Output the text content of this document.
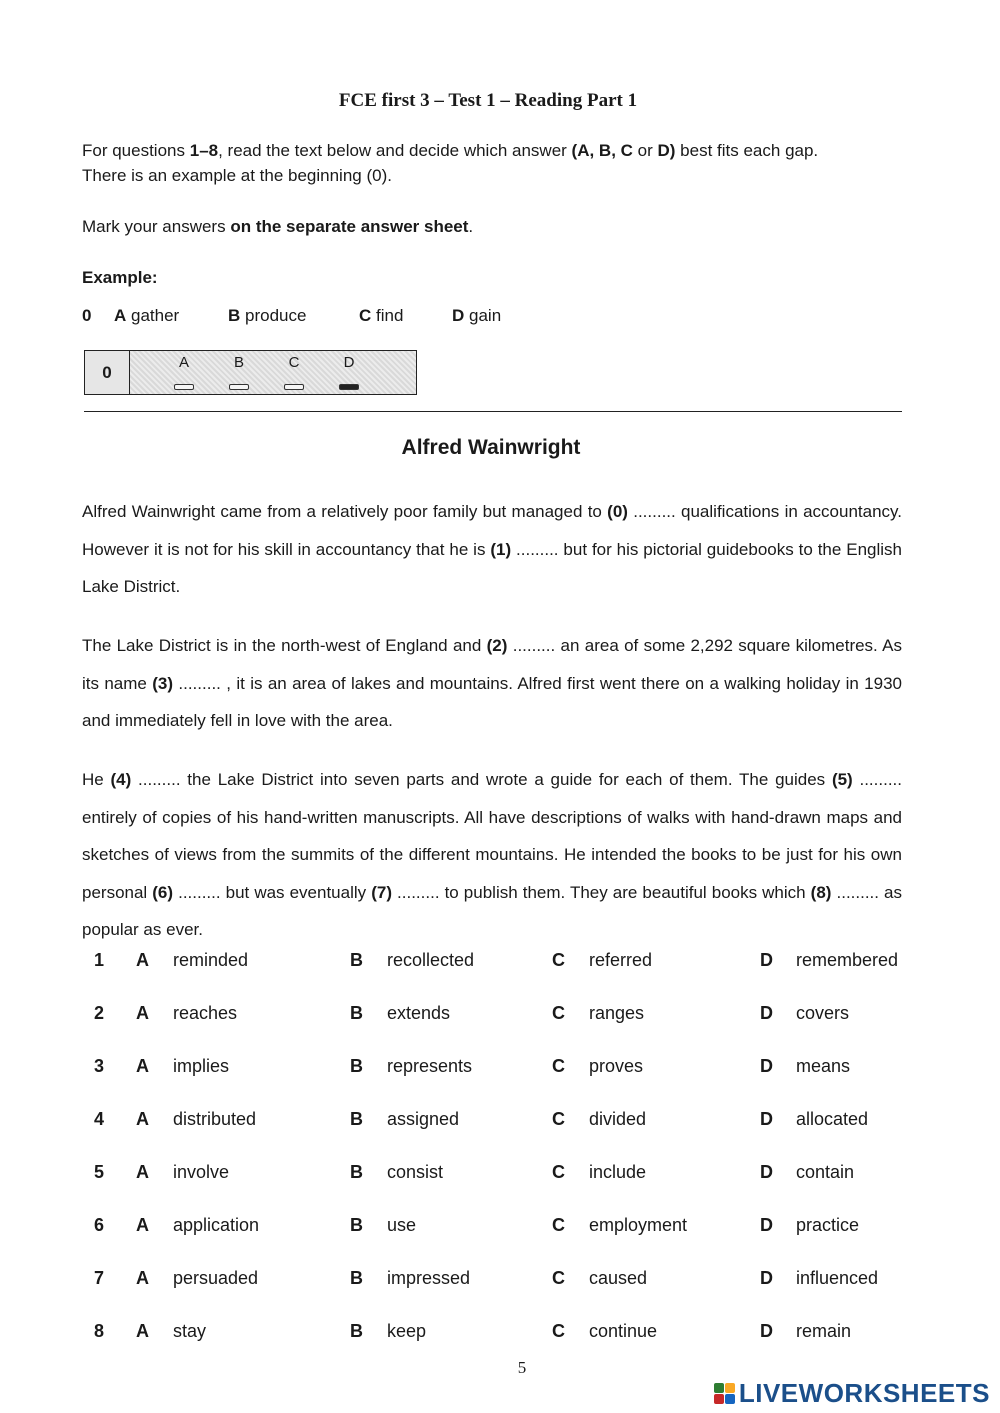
FCE first 3 – Test 1 – Reading Part 1
For questions 1–8, read the text below and decide which answer (A, B, C or D) best fits each gap.
There is an example at the beginning (0).
Mark your answers on the separate answer sheet.
Example:
0 A gather	B produce	C find	D gain
0	A	B	C	D
Alfred Wainwright
Alfred Wainwright came from a relatively poor family but managed to (0) ......... qualifications in accountancy. However it is not for his skill in accountancy that he is (1) ......... but for his pictorial guidebooks to the English Lake District.
The Lake District is in the north-west of England and (2) ......... an area of some 2,292 square kilometres. As its name (3) ......... , it is an area of lakes and mountains. Alfred first went there on a walking holiday in 1930 and immediately fell in love with the area.
He (4) ......... the Lake District into seven parts and wrote a guide for each of them. The guides (5) ......... entirely of copies of his hand-written manuscripts. All have descriptions of walks with hand-drawn maps and sketches of views from the summits of the different mountains. He intended the books to be just for his own personal (6) ......... but was eventually (7) ......... to publish them. They are beautiful books which (8) ......... as popular as ever.
1 A reminded	B recollected	C referred	D remembered
2 A reaches	B extends	C ranges	D covers
3 A implies	B represents	C proves	D means
4 A distributed	B assigned	C divided	D allocated
5 A involve	B consist	C include	D contain
6 A application	B use	C employment	D practice
7 A persuaded	B impressed	C caused	D influenced
8 A stay	B keep	C continue	D remain
5
LIVEWORKSHEETS
